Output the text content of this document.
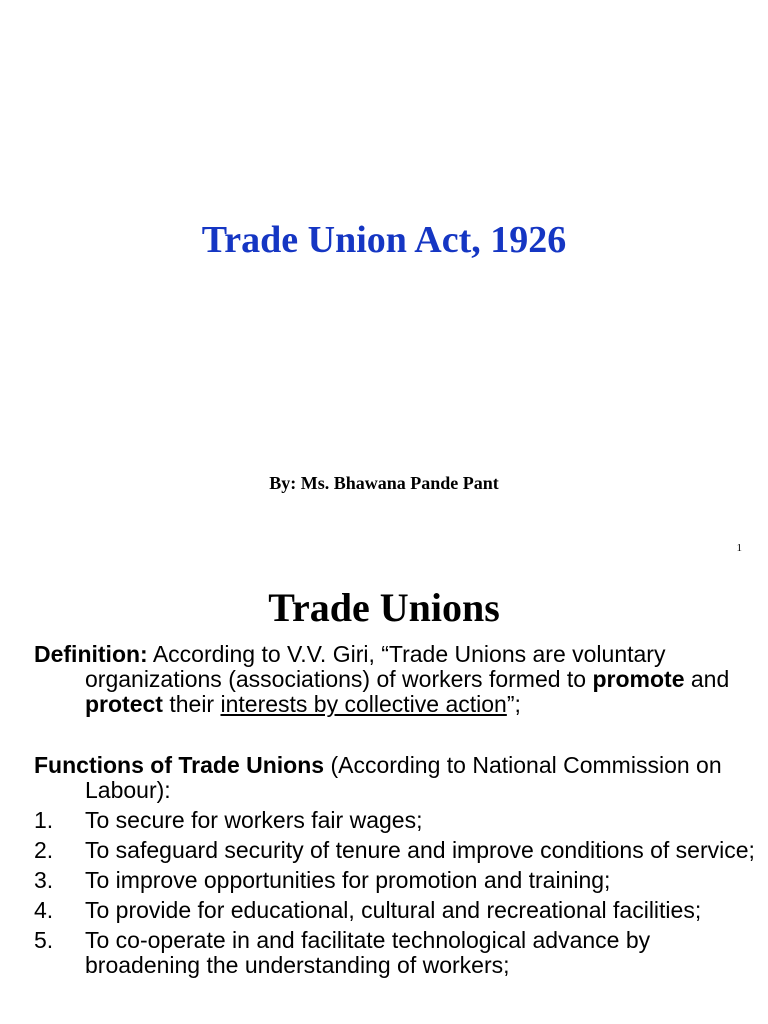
Trade Union Act, 1926

By: Ms. Bhawana Pande Pant

1
Trade Unions

Definition: According to V.V. Giri, “Trade Unions are voluntary organizations (associations) of workers formed to promote and protect their interests by collective action”;

Functions of Trade Unions (According to National Commission on Labour):

1. To secure for workers fair wages;
2. To safeguard security of tenure and improve conditions of service;
3. To improve opportunities for promotion and training;
4. To provide for educational, cultural and recreational facilities;
5. To co-operate in and facilitate technological advance by broadening the understanding of workers;
